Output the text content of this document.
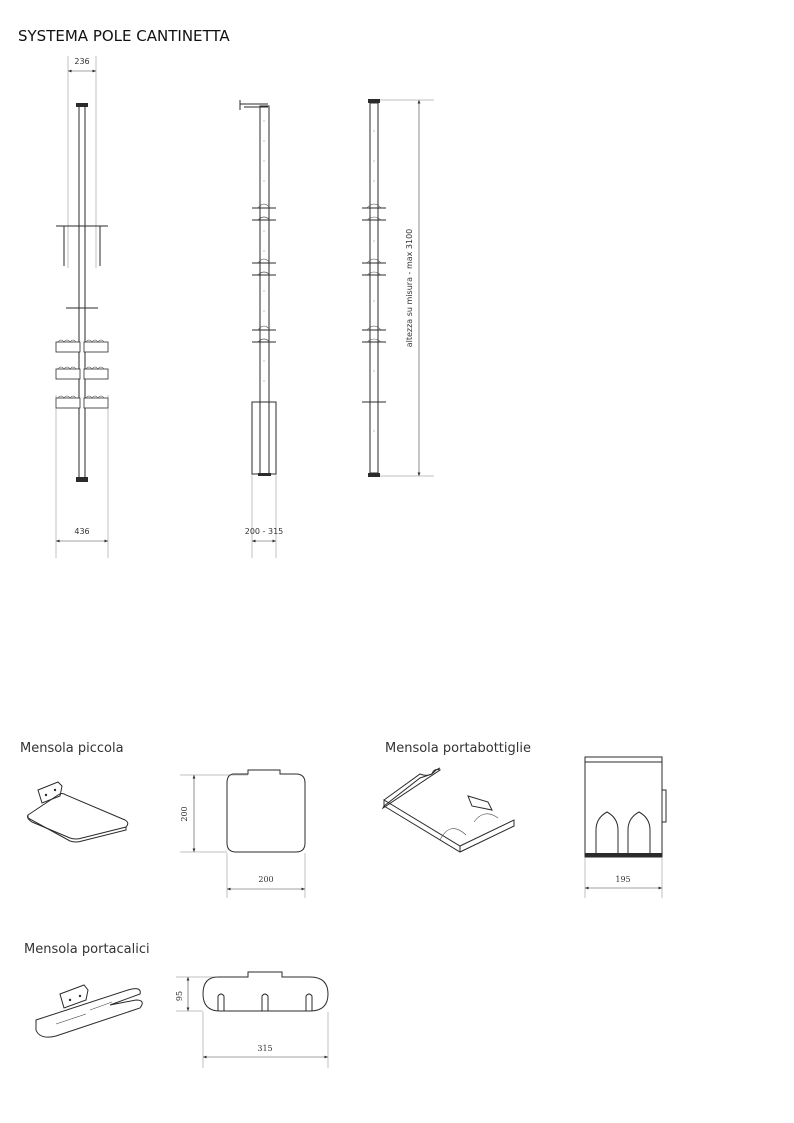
SYSTEMA POLE CANTINETTA
236
436	200 - 315
altezza su misura - max 3100
Mensola piccola
200
200
Mensola portabottiglie
195
Mensola portacalici
95
315
